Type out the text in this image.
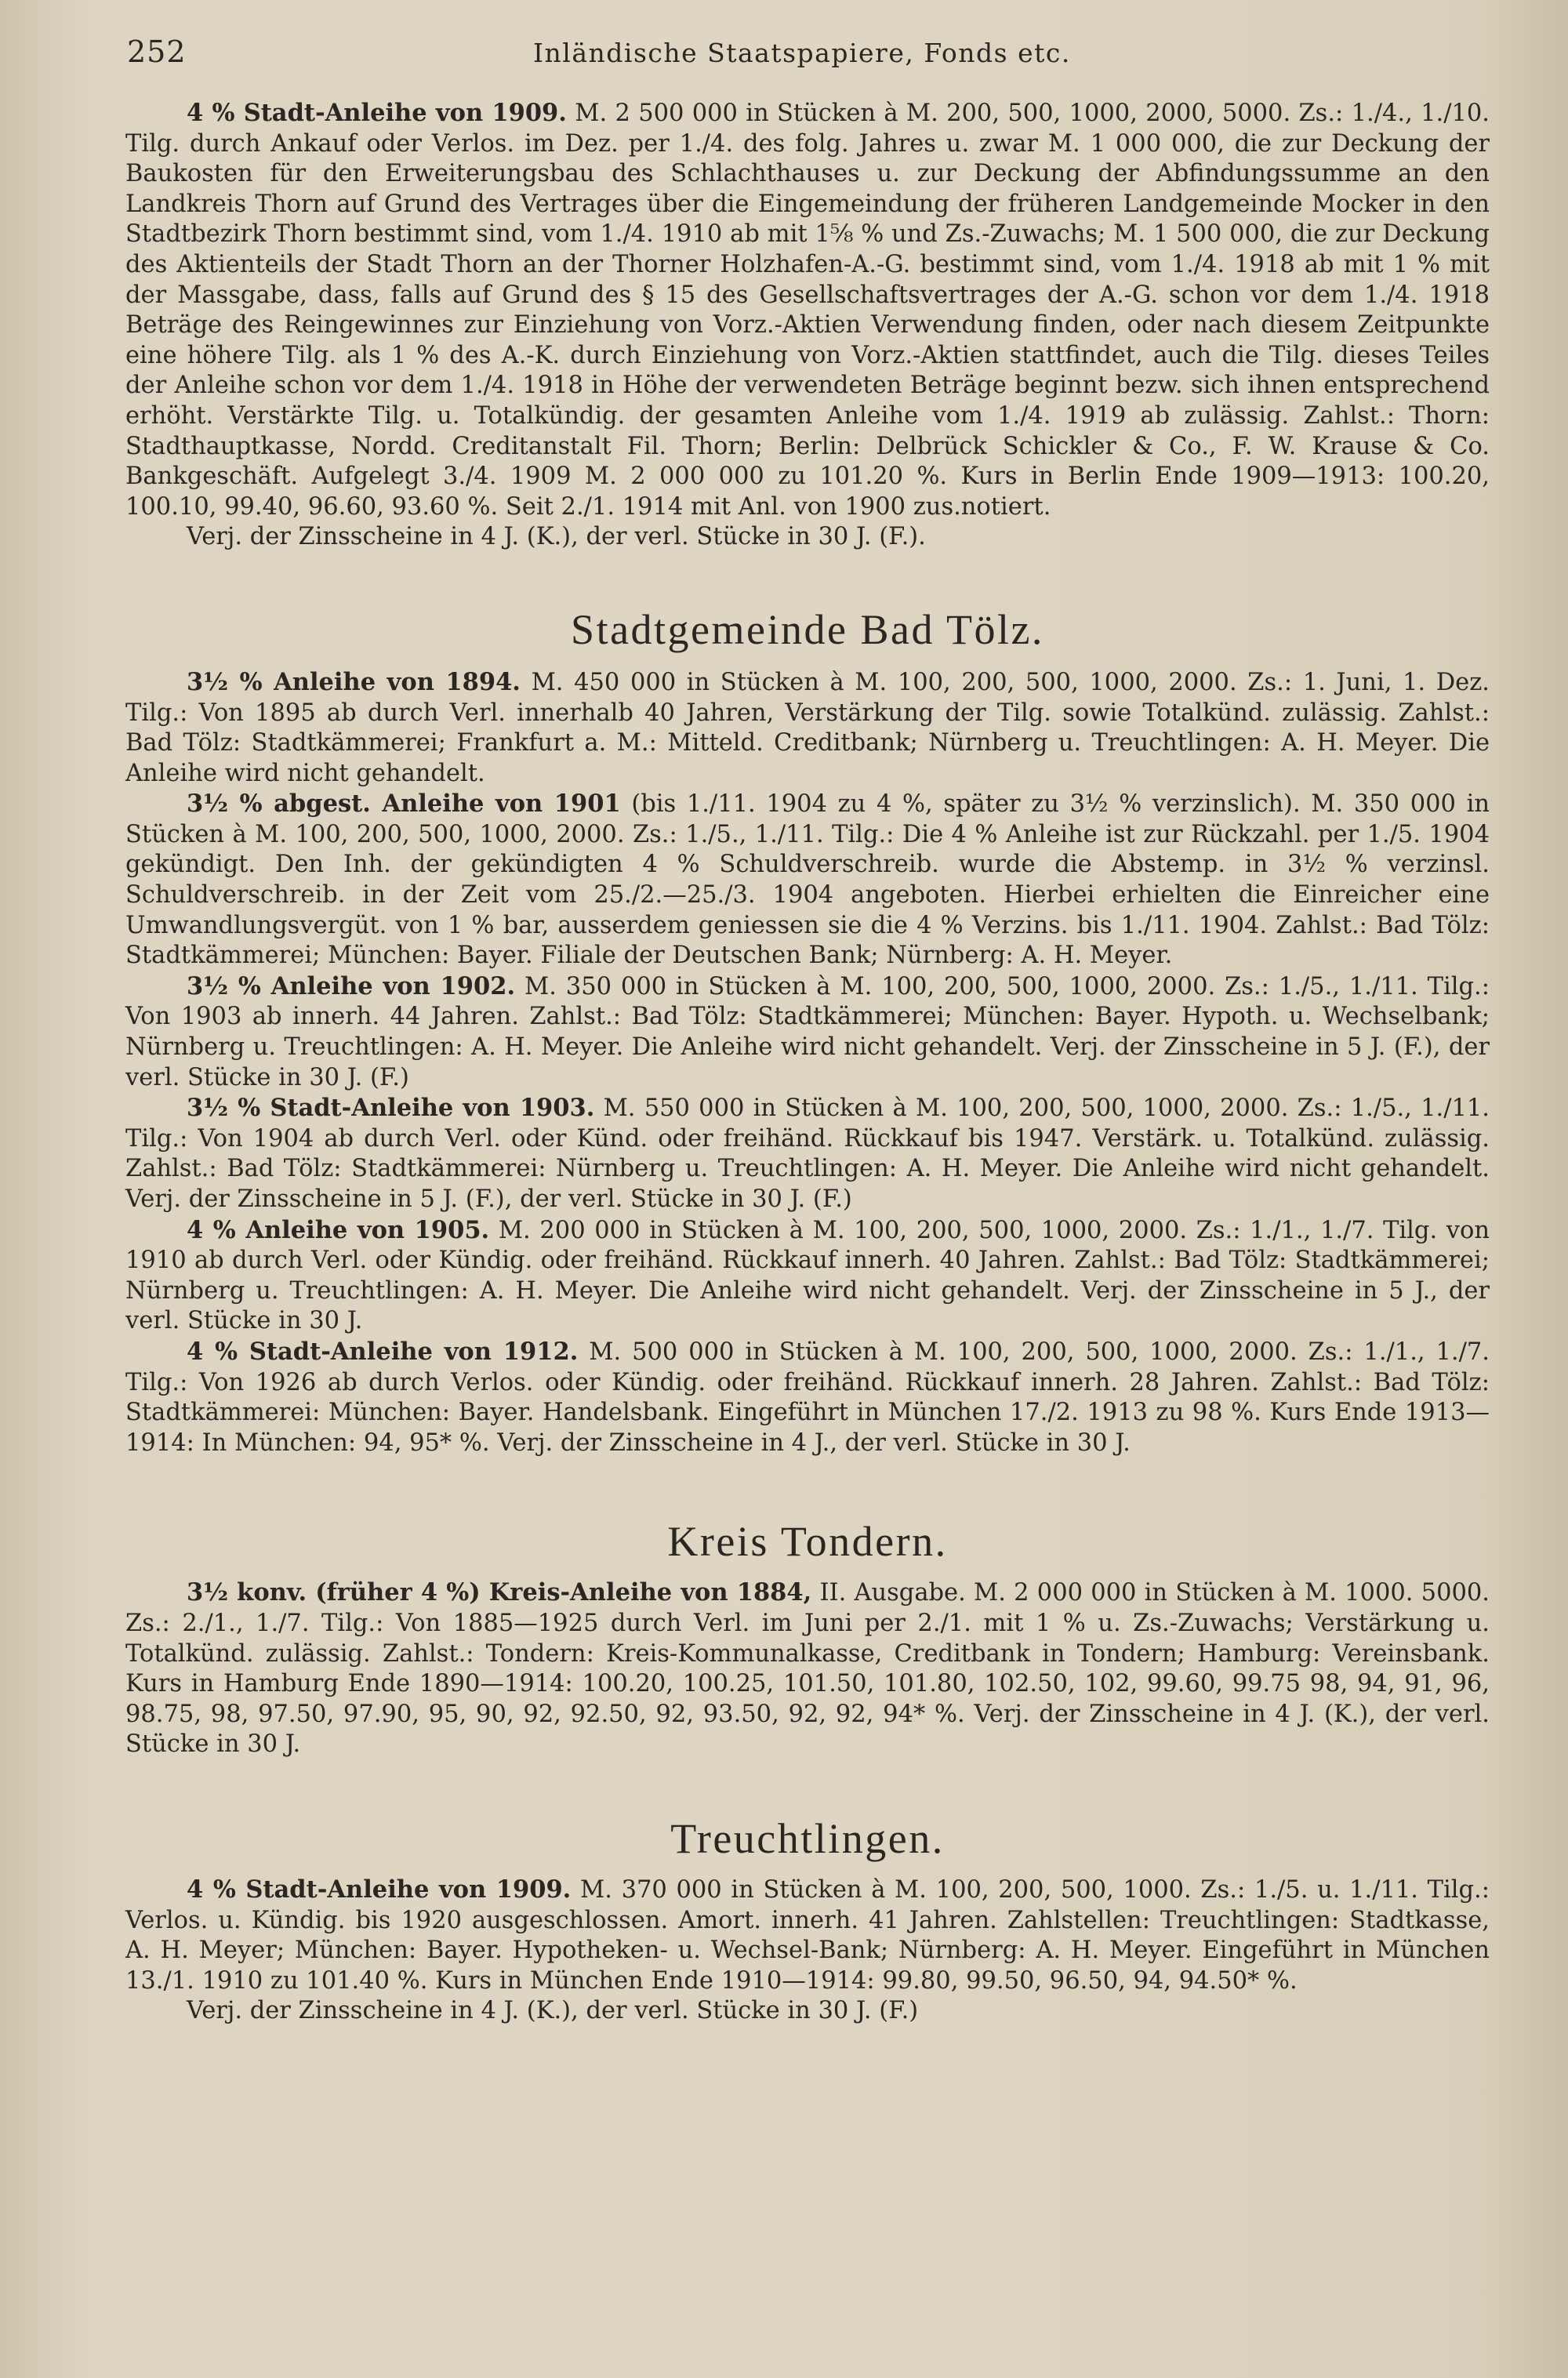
252	Inländische Staatspapiere, Fonds etc.

4 % Stadt-Anleihe von 1909. M. 2 500 000 in Stücken à M. 200, 500, 1000, 2000, 5000. Zs.: 1./4., 1./10. Tilg. durch Ankauf oder Verlos. im Dez. per 1./4. des folg. Jahres u. zwar M. 1 000 000, die zur Deckung der Baukosten für den Erweiterungsbau des Schlachthauses u. zur Deckung der Abfindungssumme an den Landkreis Thorn auf Grund des Vertrages über die Eingemeindung der früheren Landgemeinde Mocker in den Stadtbezirk Thorn bestimmt sind, vom 1./4. 1910 ab mit 1⅝ % und Zs.-Zuwachs; M. 1 500 000, die zur Deckung des Aktienteils der Stadt Thorn an der Thorner Holzhafen-A.-G. bestimmt sind, vom 1./4. 1918 ab mit 1 % mit der Massgabe, dass, falls auf Grund des § 15 des Gesellschaftsvertrages der A.-G. schon vor dem 1./4. 1918 Beträge des Reingewinnes zur Einziehung von Vorz.-Aktien Verwendung finden, oder nach diesem Zeitpunkte eine höhere Tilg. als 1 % des A.-K. durch Einziehung von Vorz.-Aktien stattfindet, auch die Tilg. dieses Teiles der Anleihe schon vor dem 1./4. 1918 in Höhe der verwendeten Beträge beginnt bezw. sich ihnen entsprechend erhöht. Verstärkte Tilg. u. Totalkündig. der gesamten Anleihe vom 1./4. 1919 ab zulässig. Zahlst.: Thorn: Stadthauptkasse, Nordd. Creditanstalt Fil. Thorn; Berlin: Delbrück Schickler & Co., F. W. Krause & Co. Bankgeschäft. Aufgelegt 3./4. 1909 M. 2 000 000 zu 101.20 %. Kurs in Berlin Ende 1909—1913: 100.20, 100.10, 99.40, 96.60, 93.60 %. Seit 2./1. 1914 mit Anl. von 1900 zus.notiert.

Verj. der Zinsscheine in 4 J. (K.), der verl. Stücke in 30 J. (F.).

Stadtgemeinde Bad Tölz.

3½ % Anleihe von 1894. M. 450 000 in Stücken à M. 100, 200, 500, 1000, 2000. Zs.: 1. Juni, 1. Dez. Tilg.: Von 1895 ab durch Verl. innerhalb 40 Jahren, Verstärkung der Tilg. sowie Totalkünd. zulässig. Zahlst.: Bad Tölz: Stadtkämmerei; Frankfurt a. M.: Mitteld. Creditbank; Nürnberg u. Treuchtlingen: A. H. Meyer. Die Anleihe wird nicht gehandelt.

3½ % abgest. Anleihe von 1901 (bis 1./11. 1904 zu 4 %, später zu 3½ % verzinslich). M. 350 000 in Stücken à M. 100, 200, 500, 1000, 2000. Zs.: 1./5., 1./11. Tilg.: Die 4 % Anleihe ist zur Rückzahl. per 1./5. 1904 gekündigt. Den Inh. der gekündigten 4 % Schuldverschreib. wurde die Abstemp. in 3½ % verzinsl. Schuldverschreib. in der Zeit vom 25./2.—25./3. 1904 angeboten. Hierbei erhielten die Einreicher eine Umwandlungsvergüt. von 1 % bar, ausserdem geniessen sie die 4 % Verzins. bis 1./11. 1904. Zahlst.: Bad Tölz: Stadtkämmerei; München: Bayer. Filiale der Deutschen Bank; Nürnberg: A. H. Meyer.

3½ % Anleihe von 1902. M. 350 000 in Stücken à M. 100, 200, 500, 1000, 2000. Zs.: 1./5., 1./11. Tilg.: Von 1903 ab innerh. 44 Jahren. Zahlst.: Bad Tölz: Stadtkämmerei; München: Bayer. Hypoth. u. Wechselbank; Nürnberg u. Treuchtlingen: A. H. Meyer. Die Anleihe wird nicht gehandelt. Verj. der Zinsscheine in 5 J. (F.), der verl. Stücke in 30 J. (F.)

3½ % Stadt-Anleihe von 1903. M. 550 000 in Stücken à M. 100, 200, 500, 1000, 2000. Zs.: 1./5., 1./11. Tilg.: Von 1904 ab durch Verl. oder Künd. oder freihänd. Rückkauf bis 1947. Verstärk. u. Totalkünd. zulässig. Zahlst.: Bad Tölz: Stadtkämmerei: Nürnberg u. Treuchtlingen: A. H. Meyer. Die Anleihe wird nicht gehandelt. Verj. der Zinsscheine in 5 J. (F.), der verl. Stücke in 30 J. (F.)

4 % Anleihe von 1905. M. 200 000 in Stücken à M. 100, 200, 500, 1000, 2000. Zs.: 1./1., 1./7. Tilg. von 1910 ab durch Verl. oder Kündig. oder freihänd. Rückkauf innerh. 40 Jahren. Zahlst.: Bad Tölz: Stadtkämmerei; Nürnberg u. Treuchtlingen: A. H. Meyer. Die Anleihe wird nicht gehandelt. Verj. der Zinsscheine in 5 J., der verl. Stücke in 30 J.

4 % Stadt-Anleihe von 1912. M. 500 000 in Stücken à M. 100, 200, 500, 1000, 2000. Zs.: 1./1., 1./7. Tilg.: Von 1926 ab durch Verlos. oder Kündig. oder freihänd. Rückkauf innerh. 28 Jahren. Zahlst.: Bad Tölz: Stadtkämmerei: München: Bayer. Handelsbank. Eingeführt in München 17./2. 1913 zu 98 %. Kurs Ende 1913—1914: In München: 94, 95* %. Verj. der Zinsscheine in 4 J., der verl. Stücke in 30 J.

Kreis Tondern.

3½ konv. (früher 4 %) Kreis-Anleihe von 1884, II. Ausgabe. M. 2 000 000 in Stücken à M. 1000. 5000. Zs.: 2./1., 1./7. Tilg.: Von 1885—1925 durch Verl. im Juni per 2./1. mit 1 % u. Zs.-Zuwachs; Verstärkung u. Totalkünd. zulässig. Zahlst.: Tondern: Kreis-Kommunalkasse, Creditbank in Tondern; Hamburg: Vereinsbank. Kurs in Hamburg Ende 1890—1914: 100.20, 100.25, 101.50, 101.80, 102.50, 102, 99.60, 99.75 98, 94, 91, 96, 98.75, 98, 97.50, 97.90, 95, 90, 92, 92.50, 92, 93.50, 92, 92, 94* %. Verj. der Zinsscheine in 4 J. (K.), der verl. Stücke in 30 J.

Treuchtlingen.

4 % Stadt-Anleihe von 1909. M. 370 000 in Stücken à M. 100, 200, 500, 1000. Zs.: 1./5. u. 1./11. Tilg.: Verlos. u. Kündig. bis 1920 ausgeschlossen. Amort. innerh. 41 Jahren. Zahlstellen: Treuchtlingen: Stadtkasse, A. H. Meyer; München: Bayer. Hypotheken- u. Wechsel-Bank; Nürnberg: A. H. Meyer. Eingeführt in München 13./1. 1910 zu 101.40 %. Kurs in München Ende 1910—1914: 99.80, 99.50, 96.50, 94, 94.50* %.

Verj. der Zinsscheine in 4 J. (K.), der verl. Stücke in 30 J. (F.)
